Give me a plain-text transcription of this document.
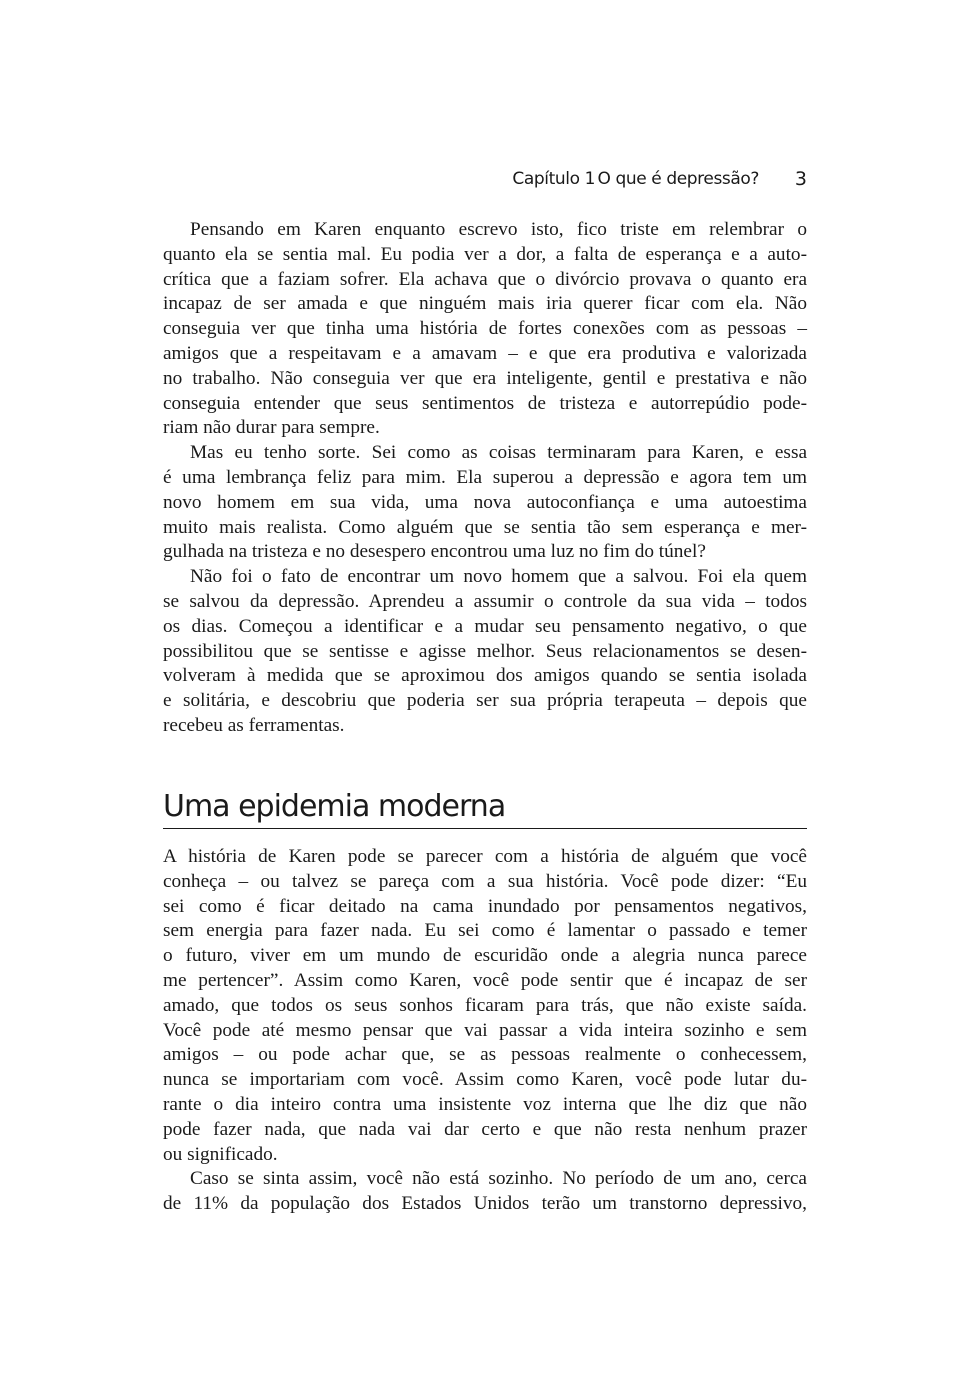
Capítulo 1 O que é depressão? 3
Pensando em Karen enquanto escrevo isto, fico triste em relembrar o
quanto ela se sentia mal. Eu podia ver a dor, a falta de esperança e a auto-
crítica que a faziam sofrer. Ela achava que o divórcio provava o quanto era
incapaz de ser amada e que ninguém mais iria querer ficar com ela. Não
conseguia ver que tinha uma história de fortes conexões com as pessoas –
amigos que a respeitavam e a amavam – e que era produtiva e valorizada
no trabalho. Não conseguia ver que era inteligente, gentil e prestativa e não
conseguia entender que seus sentimentos de tristeza e autorrepúdio pode-
riam não durar para sempre.
Mas eu tenho sorte. Sei como as coisas terminaram para Karen, e essa
é uma lembrança feliz para mim. Ela superou a depressão e agora tem um
novo homem em sua vida, uma nova autoconfiança e uma autoestima
muito mais realista. Como alguém que se sentia tão sem esperança e mer-
gulhada na tristeza e no desespero encontrou uma luz no fim do túnel?
Não foi o fato de encontrar um novo homem que a salvou. Foi ela quem
se salvou da depressão. Aprendeu a assumir o controle da sua vida – todos
os dias. Começou a identificar e a mudar seu pensamento negativo, o que
possibilitou que se sentisse e agisse melhor. Seus relacionamentos se desen-
volveram à medida que se aproximou dos amigos quando se sentia isolada
e solitária, e descobriu que poderia ser sua própria terapeuta – depois que
recebeu as ferramentas.
Uma epidemia moderna
A história de Karen pode se parecer com a história de alguém que você
conheça – ou talvez se pareça com a sua história. Você pode dizer: “Eu
sei como é ficar deitado na cama inundado por pensamentos negativos,
sem energia para fazer nada. Eu sei como é lamentar o passado e temer
o futuro, viver em um mundo de escuridão onde a alegria nunca parece
me pertencer”. Assim como Karen, você pode sentir que é incapaz de ser
amado, que todos os seus sonhos ficaram para trás, que não existe saída.
Você pode até mesmo pensar que vai passar a vida inteira sozinho e sem
amigos – ou pode achar que, se as pessoas realmente o conhecessem,
nunca se importariam com você. Assim como Karen, você pode lutar du-
rante o dia inteiro contra uma insistente voz interna que lhe diz que não
pode fazer nada, que nada vai dar certo e que não resta nenhum prazer
ou significado.
Caso se sinta assim, você não está sozinho. No período de um ano, cerca
de 11% da população dos Estados Unidos terão um transtorno depressivo,
